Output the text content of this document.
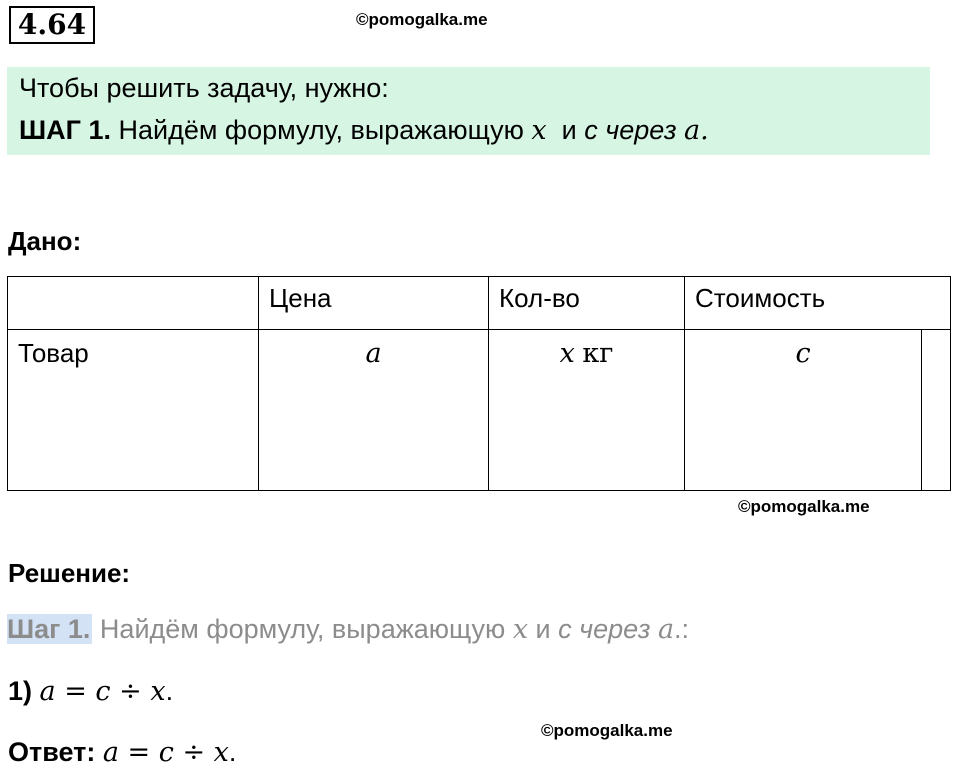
4.64	©pomogalka.me
Чтобы решить задачу, нужно:
ШАГ 1. Найдём формулу, выражающую x и c через a.
Дано:

	Цена	Кол-во	Стоимость	

Товар	a	x кг	c	
©pomogalka.me
Решение:
Шаг 1. Найдём формулу, выражающую x и c через a.:
1) a = c ÷ x.
©pomogalka.me
Ответ: a = c ÷ x.
